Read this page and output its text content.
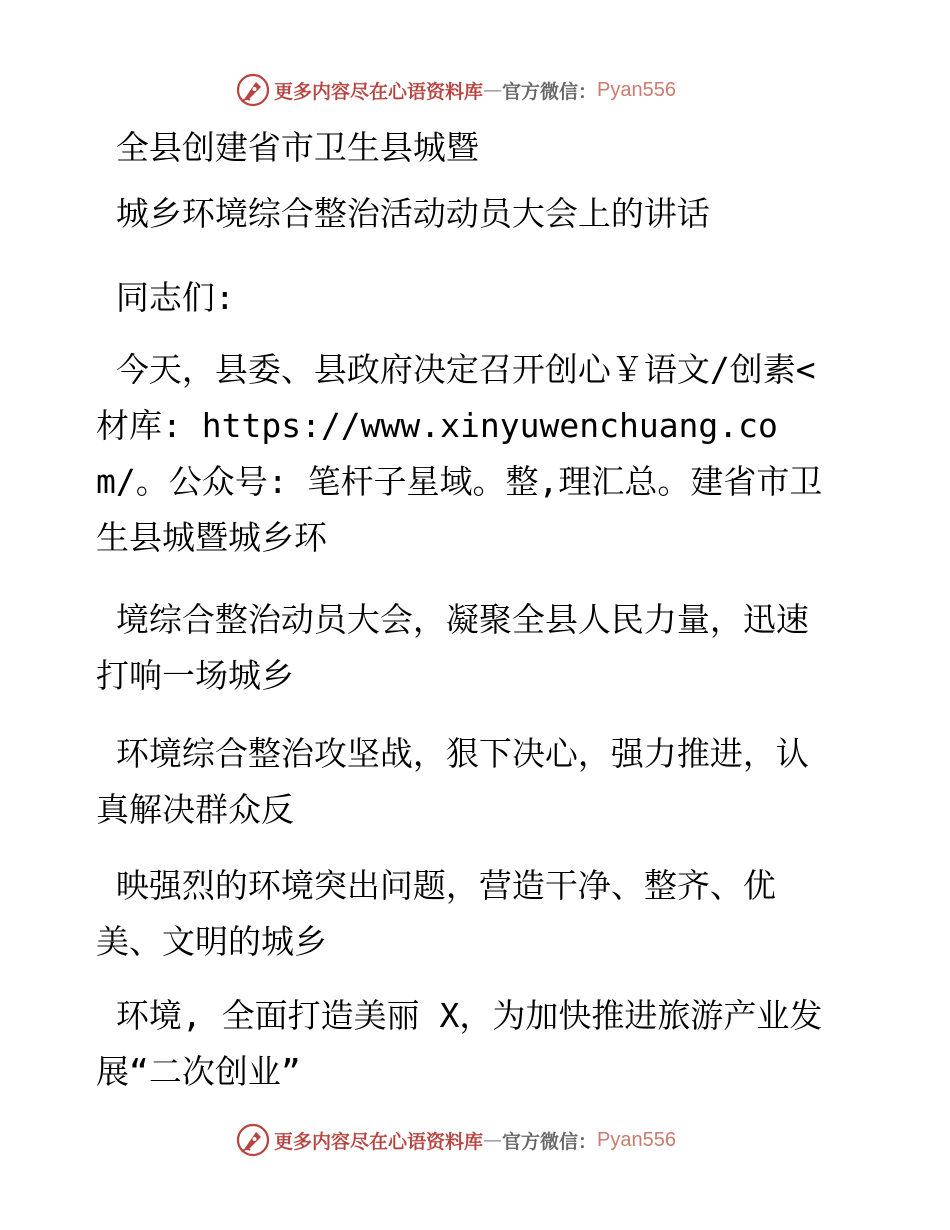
更多内容尽在心语资料库 — 官方微信： Pyan556

全县创建省市卫生县城暨

城乡环境综合整治活动动员大会上的讲话

同志们:

今天，县委、县政府决定召开创心￥语文/创素<材库: https://www.xinyuwenchuang.com/。公众号: 笔杆子星域。整,理汇总。建省市卫生县城暨城乡环

境综合整治动员大会，凝聚全县人民力量，迅速打响一场城乡

环境综合整治攻坚战，狠下决心，强力推进，认真解决群众反

映强烈的环境突出问题，营造干净、整齐、优美、文明的城乡

环境, 全面打造美丽 X，为加快推进旅游产业发展“二次创业”

更多内容尽在心语资料库 — 官方微信： Pyan556
